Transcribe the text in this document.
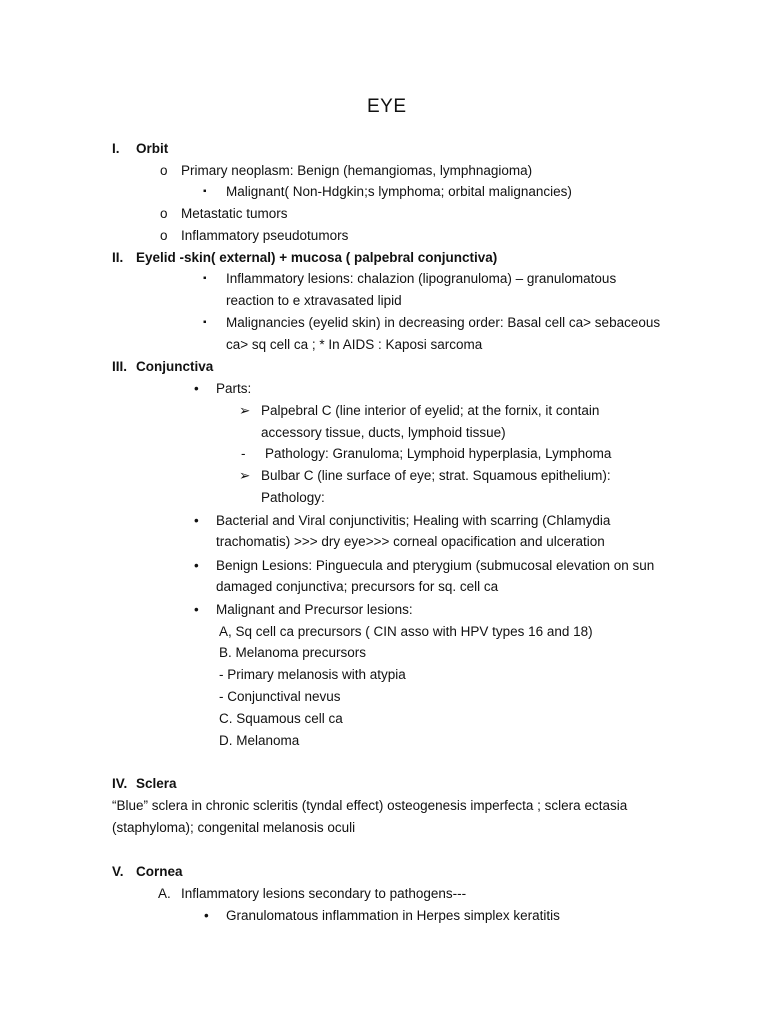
EYE
I. Orbit
o Primary neoplasm: Benign (hemangiomas, lymphnagioma)
▪ Malignant( Non-Hdgkin;s lymphoma; orbital malignancies)
o Metastatic tumors
o Inflammatory pseudotumors
II. Eyelid -skin( external) + mucosa ( palpebral conjunctiva)
▪ Inflammatory lesions: chalazion (lipogranuloma) – granulomatous
reaction to e xtravasated lipid
▪ Malignancies (eyelid skin) in decreasing order: Basal cell ca> sebaceous
ca> sq cell ca ; * In AIDS : Kaposi sarcoma
III. Conjunctiva
• Parts:
➢ Palpebral C (line interior of eyelid; at the fornix, it contain
accessory tissue, ducts, lymphoid tissue)
- Pathology: Granuloma; Lymphoid hyperplasia, Lymphoma
➢ Bulbar C (line surface of eye; strat. Squamous epithelium):
Pathology:
• Bacterial and Viral conjunctivitis; Healing with scarring (Chlamydia
trachomatis) >>> dry eye>>> corneal opacification and ulceration
• Benign Lesions: Pinguecula and pterygium (submucosal elevation on sun
damaged conjunctiva; precursors for sq. cell ca
• Malignant and Precursor lesions:
A, Sq cell ca precursors ( CIN asso with HPV types 16 and 18)
B. Melanoma precursors
- Primary melanosis with atypia
- Conjunctival nevus
C. Squamous cell ca
D. Melanoma
IV. Sclera
“Blue” sclera in chronic scleritis (tyndal effect) osteogenesis imperfecta ; sclera ectasia
(staphyloma); congenital melanosis oculi
V. Cornea
A. Inflammatory lesions secondary to pathogens---
• Granulomatous inflammation in Herpes simplex keratitis
